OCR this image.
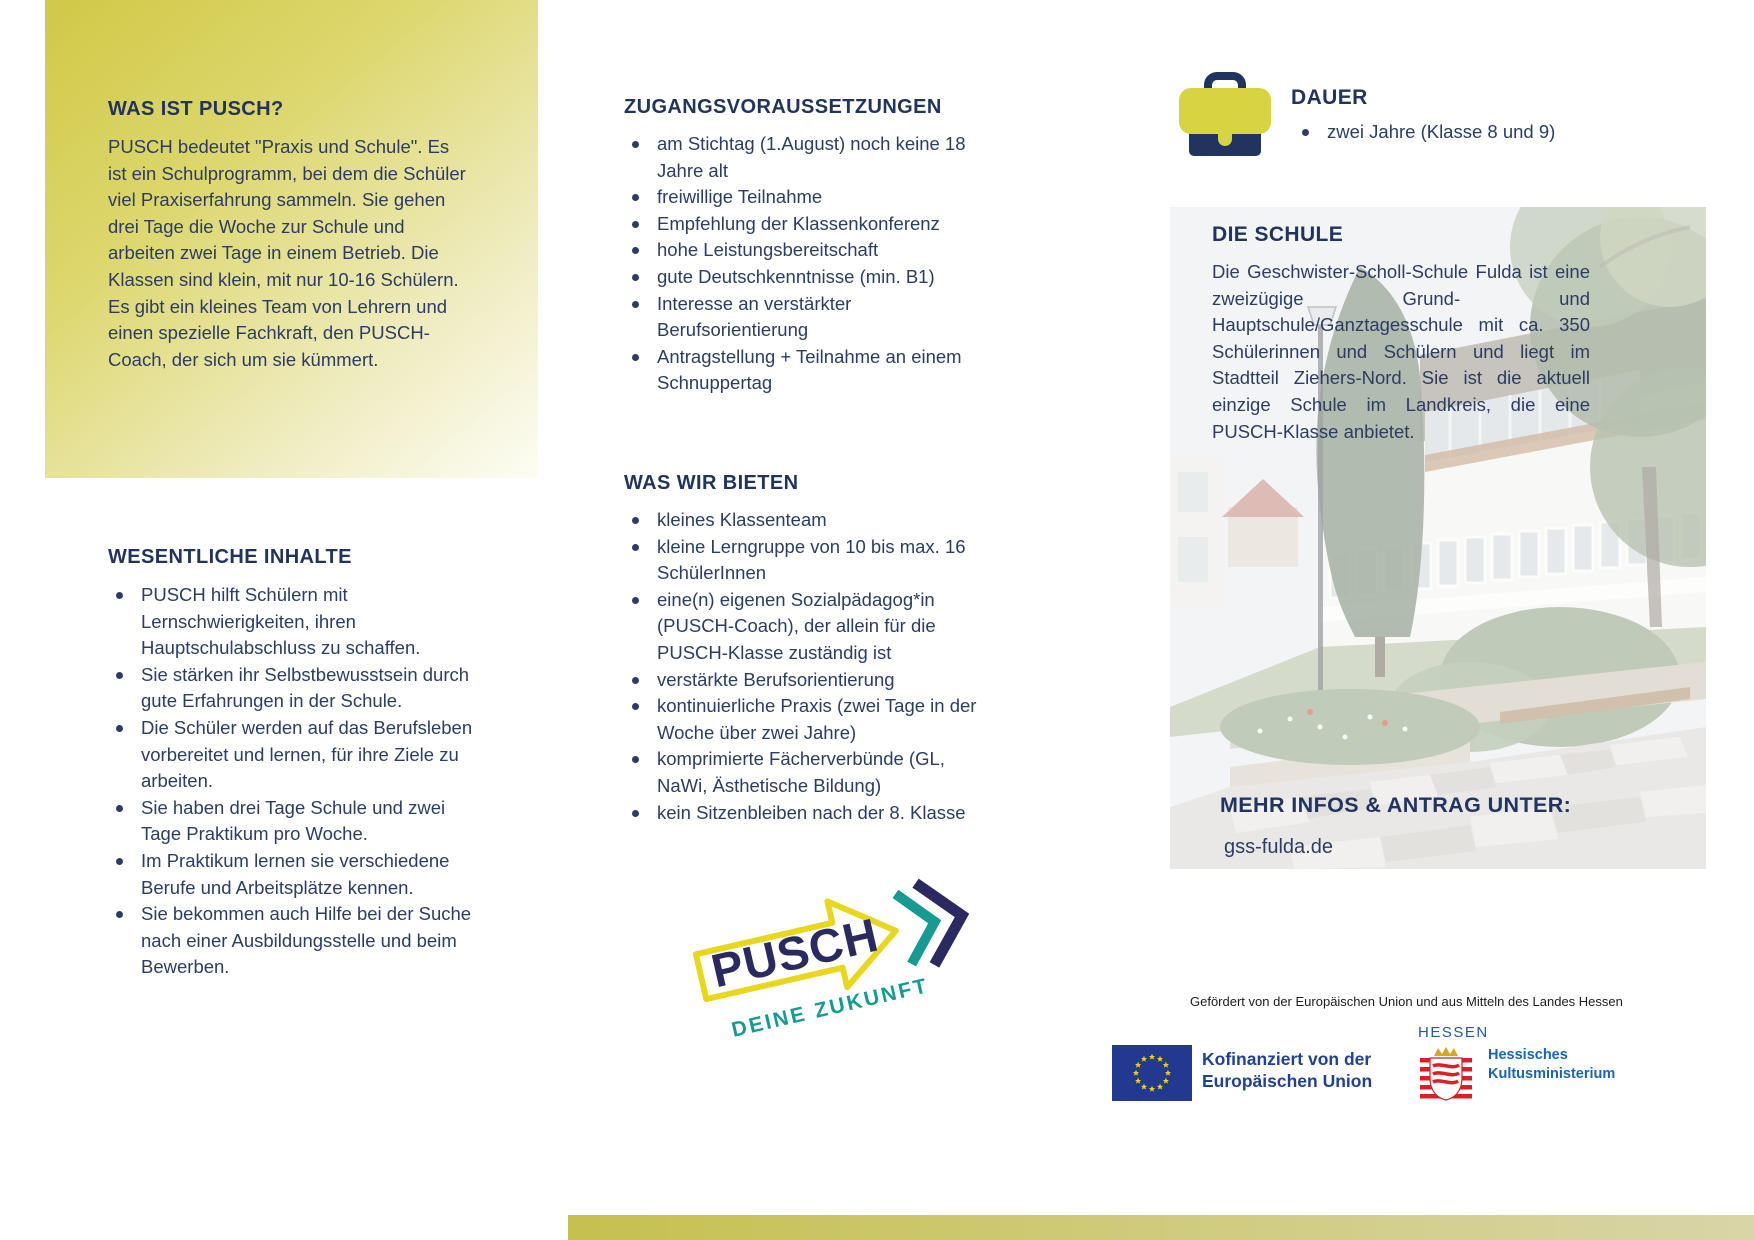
WAS IST PUSCH?
PUSCH bedeutet "Praxis und Schule". Es ist ein Schulprogramm, bei dem die Schüler viel Praxiserfahrung sammeln. Sie gehen drei Tage die Woche zur Schule und arbeiten zwei Tage in einem Betrieb. Die Klassen sind klein, mit nur 10-16 Schülern. Es gibt ein kleines Team von Lehrern und einen spezielle Fachkraft, den PUSCH-Coach, der sich um sie kümmert.
WESENTLICHE INHALTE
PUSCH hilft Schülern mit Lernschwierigkeiten, ihren Hauptschulabschluss zu schaffen.
Sie stärken ihr Selbstbewusstsein durch gute Erfahrungen in der Schule.
Die Schüler werden auf das Berufsleben vorbereitet und lernen, für ihre Ziele zu arbeiten.
Sie haben drei Tage Schule und zwei Tage Praktikum pro Woche.
Im Praktikum lernen sie verschiedene Berufe und Arbeitsplätze kennen.
Sie bekommen auch Hilfe bei der Suche nach einer Ausbildungsstelle und beim Bewerben.
ZUGANGSVORAUSSETZUNGEN
am Stichtag (1.August) noch keine 18 Jahre alt
freiwillige Teilnahme
Empfehlung der Klassenkonferenz
hohe Leistungsbereitschaft
gute Deutschkenntnisse (min. B1)
Interesse an verstärkter Berufsorientierung
Antragstellung + Teilnahme an einem Schnuppertag
WAS WIR BIETEN
kleines Klassenteam
kleine Lerngruppe von 10 bis max. 16 SchülerInnen
eine(n) eigenen Sozialpädagog*in (PUSCH-Coach), der allein für die PUSCH-Klasse zuständig ist
verstärkte Berufsorientierung
kontinuierliche Praxis (zwei Tage in der Woche über zwei Jahre)
komprimierte Fächerverbünde (GL, NaWi, Ästhetische Bildung)
kein Sitzenbleiben nach der 8. Klasse
PUSCH
DEINE ZUKUNFT
DAUER
zwei Jahre (Klasse 8 und 9)
DIE SCHULE
Die Geschwister-Scholl-Schule Fulda ist eine zweizügige Grund- und Hauptschule/Ganztagesschule mit ca. 350 Schülerinnen und Schülern und liegt im Stadtteil Ziehers-Nord. Sie ist die aktuell einzige Schule im Landkreis, die eine PUSCH-Klasse anbietet.
MEHR INFOS & ANTRAG UNTER:
gss-fulda.de
Gefördert von der Europäischen Union und aus Mitteln des Landes Hessen
Kofinanziert von der Europäischen Union
HESSEN
Hessisches Kultusministerium
